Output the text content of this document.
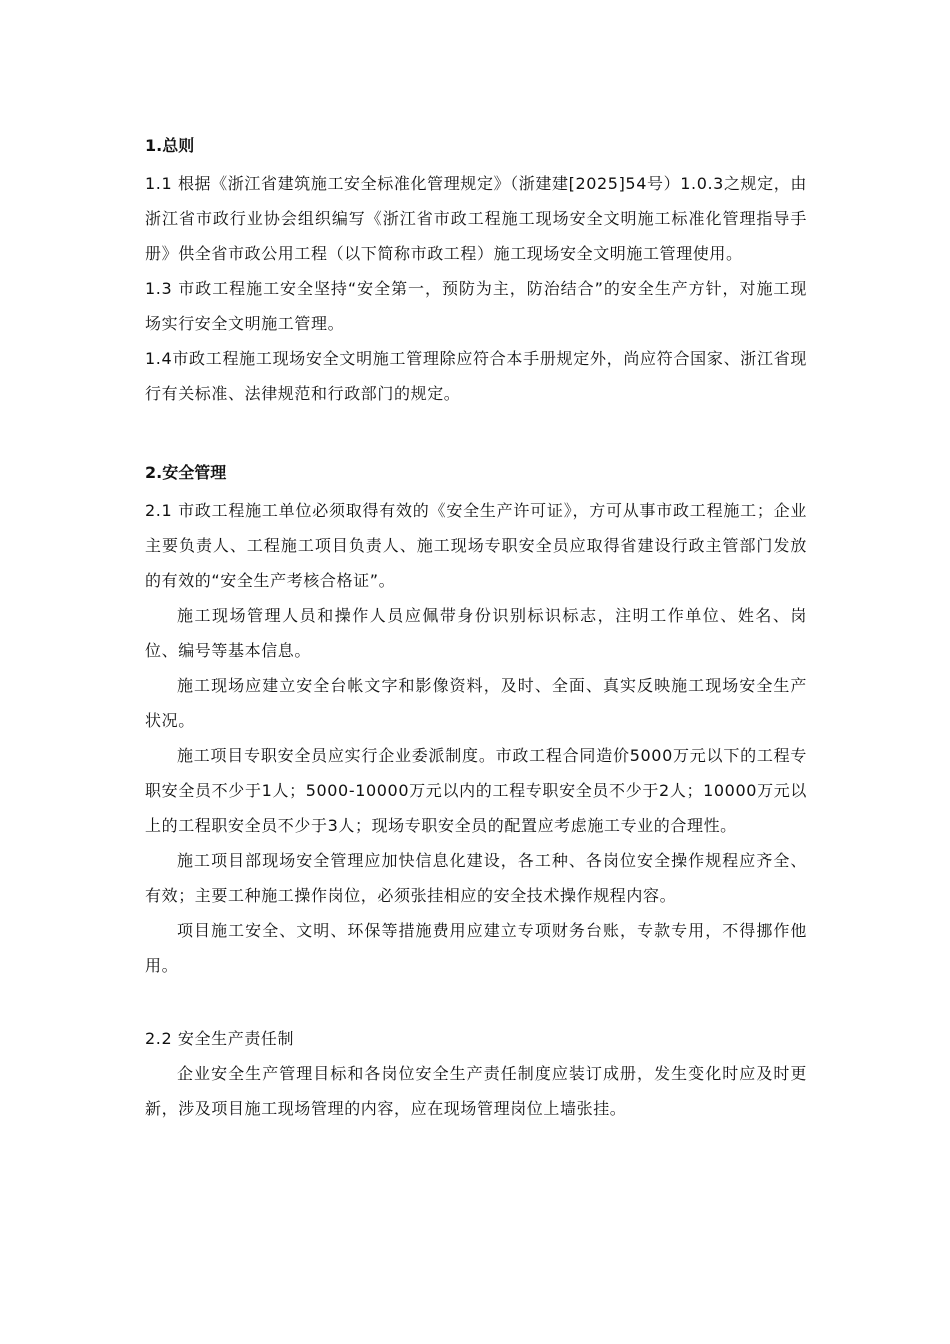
1.总则

1.1 根据《浙江省建筑施工安全标准化管理规定》（浙建建[2025]54号）1.0.3之规定，由浙江省市政行业协会组织编写《浙江省市政工程施工现场安全文明施工标准化管理指导手册》供全省市政公用工程（以下简称市政工程）施工现场安全文明施工管理使用。

1.3 市政工程施工安全坚持“安全第一，预防为主，防治结合”的安全生产方针，对施工现场实行安全文明施工管理。

1.4市政工程施工现场安全文明施工管理除应符合本手册规定外，尚应符合国家、浙江省现行有关标准、法律规范和行政部门的规定。

2.安全管理

2.1 市政工程施工单位必须取得有效的《安全生产许可证》，方可从事市政工程施工；企业主要负责人、工程施工项目负责人、施工现场专职安全员应取得省建设行政主管部门发放的有效的“安全生产考核合格证”。

施工现场管理人员和操作人员应佩带身份识别标识标志，注明工作单位、姓名、岗位、编号等基本信息。

施工现场应建立安全台帐文字和影像资料，及时、全面、真实反映施工现场安全生产状况。

施工项目专职安全员应实行企业委派制度。市政工程合同造价5000万元以下的工程专职安全员不少于1人；5000-10000万元以内的工程专职安全员不少于2人；10000万元以上的工程职安全员不少于3人；现场专职安全员的配置应考虑施工专业的合理性。

施工项目部现场安全管理应加快信息化建设，各工种、各岗位安全操作规程应齐全、有效；主要工种施工操作岗位，必须张挂相应的安全技术操作规程内容。

项目施工安全、文明、环保等措施费用应建立专项财务台账，专款专用，不得挪作他用。

2.2 安全生产责任制

企业安全生产管理目标和各岗位安全生产责任制度应装订成册，发生变化时应及时更新，涉及项目施工现场管理的内容，应在现场管理岗位上墙张挂。
